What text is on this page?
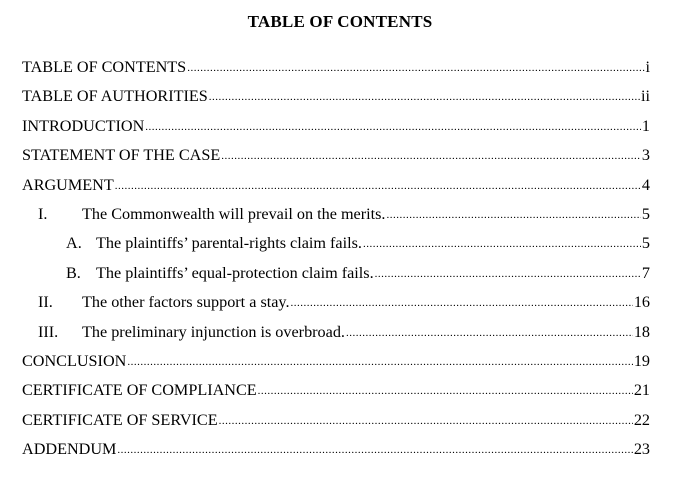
TABLE OF CONTENTS
TABLE OF CONTENTS .....	i
TABLE OF AUTHORITIES .....	ii
INTRODUCTION .....	1
STATEMENT OF THE CASE .....	3
ARGUMENT .....	4
I.	The Commonwealth will prevail on the merits. .....	5
A. The plaintiffs’ parental-rights claim fails. .....	5
B. The plaintiffs’ equal-protection claim fails. .....	7
II.	The other factors support a stay. .....	16
III.	The preliminary injunction is overbroad. .....	18
CONCLUSION .....	19
CERTIFICATE OF COMPLIANCE .....	21
CERTIFICATE OF SERVICE .....	22
ADDENDUM .....	23
